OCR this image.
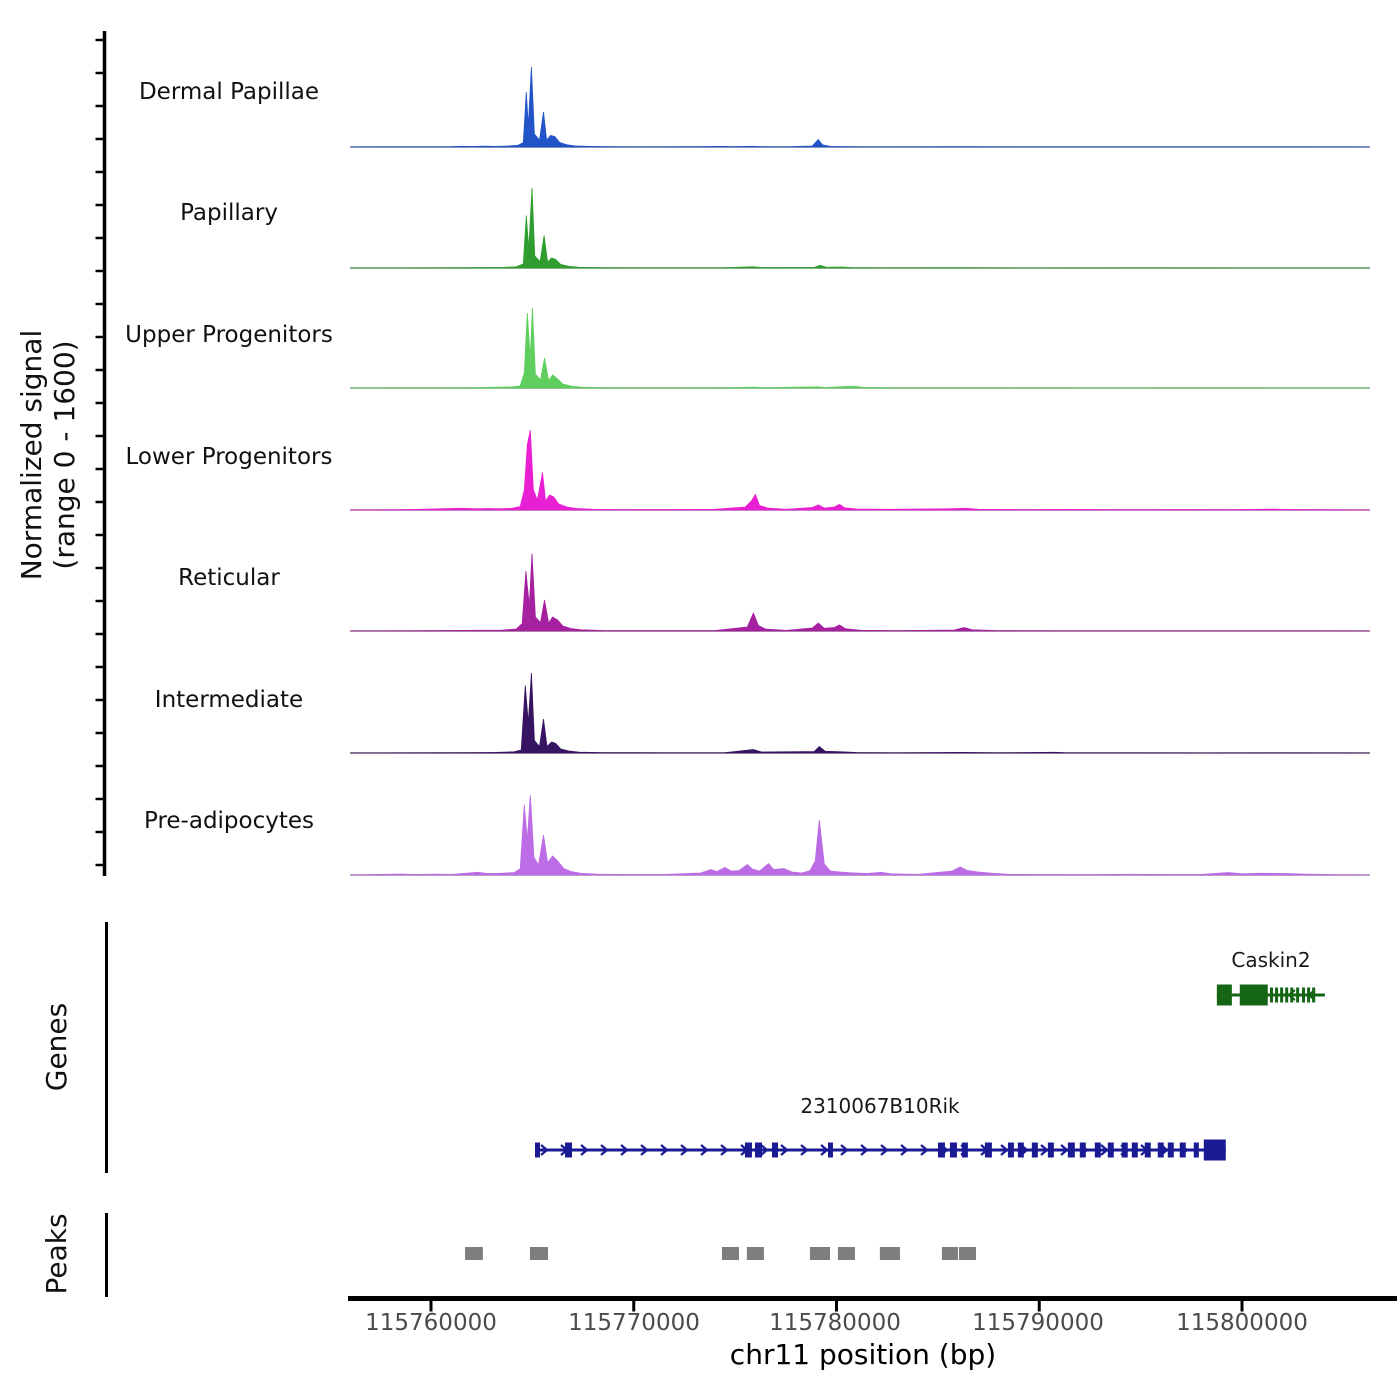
Normalized signal (range 0 - 1600)
Dermal Papillae
Papillary
Upper Progenitors
Lower Progenitors
Reticular
Intermediate
Pre-adipocytes
Genes
Peaks
Caskin2
2310067B10Rik
115760000	115770000	115780000	115790000	115800000
chr11 position (bp)
